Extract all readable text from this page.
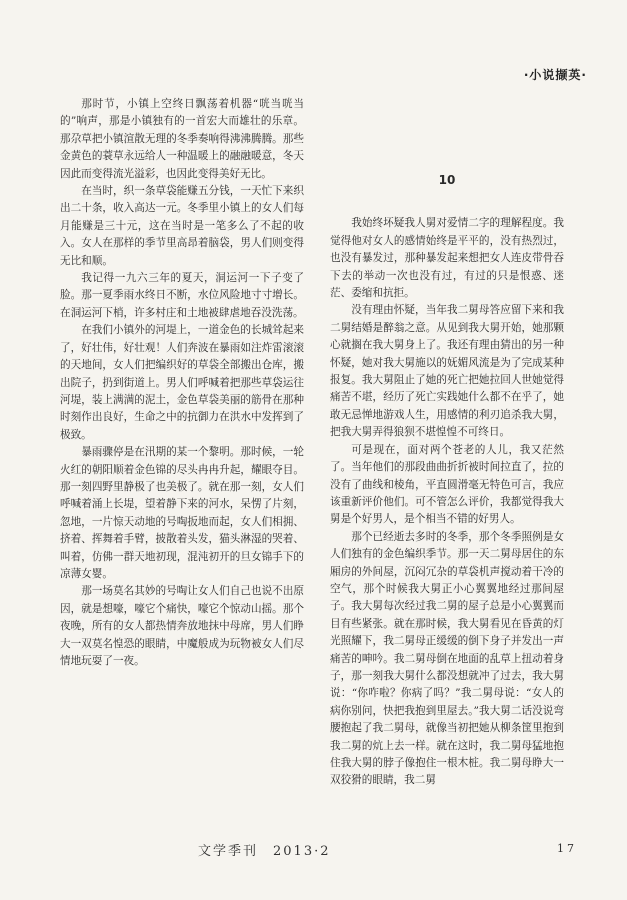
·小说撷英·

那时节，小镇上空终日飘荡着机器“咣当咣当的”响声，那是小镇独有的一首宏大而雄壮的乐章。那尕草把小镇渲散无理的冬季奏响得沸沸腾腾。那些金黄色的蓑草永远给人一种温暖上的融融暖意，冬天因此而变得流光溢彩，也因此变得美好无比。

在当时，织一条草袋能赚五分钱，一天忙下来织出二十条，收入高达一元。冬季里小镇上的女人们每月能赚是三十元，这在当时是一笔多么了不起的收入。女人在那样的季节里高昂着脑袋，男人们则变得无比和顺。

我记得一九六三年的夏天，洞运河一下子变了脸。那一夏季雨水终日不断，水位风险地寸寸增长。在洞运河下梢，许多村庄和土地被肆虐地吞没洗荡。

在我们小镇外的河堤上，一道金色的长城耸起来了，好壮伟，好壮观！人们奔波在暴雨如注炸雷滚滚的天地间，女人们把编织好的草袋全部搬出仓库，搬出院子，扔到街道上。男人们呼喊着把那些草袋运往河堤，装上满满的泥土，金色草袋美丽的筋骨在那种时刻作出良好，生命之中的抗御力在洪水中发挥到了极致。

暴雨骤停是在汛期的某一个黎明。那时候，一轮火红的朝阳顺着金色锦的尽头冉冉升起，耀眼夺目。那一刻四野里静极了也美极了。就在那一刻，女人们呼喊着涌上长堤，望着静下来的河水，呆愣了片刻，忽地，一片惊天动地的号啕扳地而起，女人们相拥、挤着、挥舞着手臂，披散着头发，猫头淋湿的哭着、叫着，仿佛一群天地初现，混沌初开的旦女锦手下的凉薄女婴。

那一场莫名其妙的号啕让女人们自己也说不出原因，就是想嚎，嚎它个痛快，嚎它个惊动山摇。那个夜晚，所有的女人都热情奔放地抹中母席，男人们睁大一双莫名惶恐的眼睛，中魔般成为玩物被女人们尽情地玩耍了一夜。

10

我始终坏疑我人舅对爱情二字的理解程度。我觉得他对女人的感情始终是平平的，没有热烈过，也没有暴发过，那种暴发起来想把女人连皮带骨吞下去的举动一次也没有过，有过的只是恨惑、迷茫、委缩和抗拒。

没有理由怀疑，当年我二舅母答应留下来和我二舅结婚是醉翁之意。从见到我大舅开始，她那颗心就搁在我大舅身上了。我还有理由猜出的另一种怀疑，她对我大舅施以的妩媚风流是为了完成某种报复。我大舅阻止了她的死亡把她拉回人世她觉得痛苦不堪，经历了死亡实践她什么都不在乎了，她敢无忌惮地游戏人生，用感情的利刃追杀我大舅，把我大舅弄得狼狈不堪惶惶不可终日。

可是现在，面对两个苍老的人儿，我又茫然了。当年他们的那段曲曲折折被时间拉直了，拉的没有了曲线和棱角，平直圆滑毫无特色可言，我应该重新评价他们。可不管怎么评价，我都觉得我大舅是个好男人，是个相当不错的好男人。

那个已经逝去多时的冬季，那个冬季照例是女人们独有的金色编织季节。那一天二舅母居住的东厢房的外间屋，沉闷冗杂的草袋机声搅动着干冷的空气，那个时候我大舅正小心翼翼地经过那间屋子。我大舅每次经过我二舅的屋子总是小心翼翼而目有些紧张。就在那时候，我大舅看见在昏黄的灯光照耀下，我二舅母正缓缓的倒下身子并发出一声痛苦的呻吟。我二舅母倒在地面的乱草上扭动着身子，那一刻我大舅什么都没想就冲了过去，我大舅说：“你咋啦？你病了吗？”我二舅母说：“女人的病你别问，快把我抱到里屋去。”我大舅二话没说弯腰抱起了我二舅母，就像当初把她从柳条筐里抱到我二舅的炕上去一样。就在这时，我二舅母猛地抱住我大舅的脖子像抱住一根木桩。我二舅母睁大一双狡猾的眼睛，我二舅

文学季刊　2013·2	17
